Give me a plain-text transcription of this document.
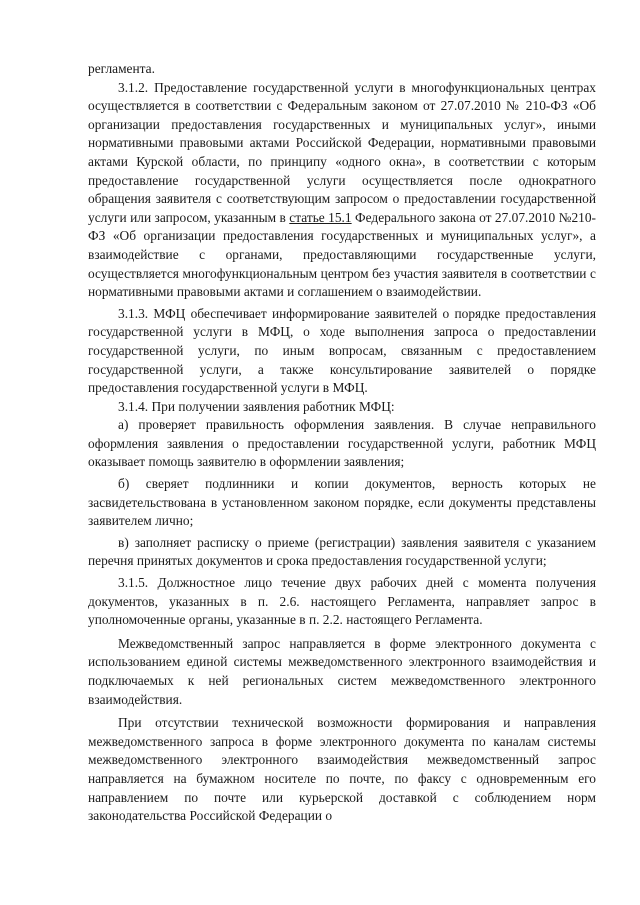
регламента.

3.1.2. Предоставление государственной услуги в многофункциональных центрах осуществляется в соответствии с Федеральным законом от 27.07.2010 № 210-ФЗ «Об организации предоставления государственных и муниципальных услуг», иными нормативными правовыми актами Российской Федерации, нормативными правовыми актами Курской области, по принципу «одного окна», в соответствии с которым предоставление государственной услуги осуществляется после однократного обращения заявителя с соответствующим запросом о предоставлении государственной услуги или запросом, указанным в статье 15.1 Федерального закона от 27.07.2010 №210-ФЗ «Об организации предоставления государственных и муниципальных услуг», а взаимодействие с органами, предоставляющими государственные услуги, осуществляется многофункциональным центром без участия заявителя в соответствии с нормативными правовыми актами и соглашением о взаимодействии.

3.1.3. МФЦ обеспечивает информирование заявителей о порядке предоставления государственной услуги в МФЦ, о ходе выполнения запроса о предоставлении государственной услуги, по иным вопросам, связанным с предоставлением государственной услуги, а также консультирование заявителей о порядке предоставления государственной услуги в МФЦ.

3.1.4. При получении заявления работник МФЦ:

а) проверяет правильность оформления заявления. В случае неправильного оформления заявления о предоставлении государственной услуги, работник МФЦ оказывает помощь заявителю в оформлении заявления;

б) сверяет подлинники и копии документов, верность которых не засвидетельствована в установленном законом порядке, если документы представлены заявителем лично;

в) заполняет расписку о приеме (регистрации) заявления заявителя с указанием перечня принятых документов и срока предоставления государственной услуги;

3.1.5. Должностное лицо течение двух рабочих дней с момента получения документов, указанных в п. 2.6. настоящего Регламента, направляет запрос в уполномоченные органы, указанные в п. 2.2. настоящего Регламента.

Межведомственный запрос направляется в форме электронного документа с использованием единой системы межведомственного электронного взаимодействия и подключаемых к ней региональных систем межведомственного электронного взаимодействия.

При отсутствии технической возможности формирования и направления межведомственного запроса в форме электронного документа по каналам системы межведомственного электронного взаимодействия межведомственный запрос направляется на бумажном носителе по почте, по факсу с одновременным его направлением по почте или курьерской доставкой с соблюдением норм законодательства Российской Федерации о
